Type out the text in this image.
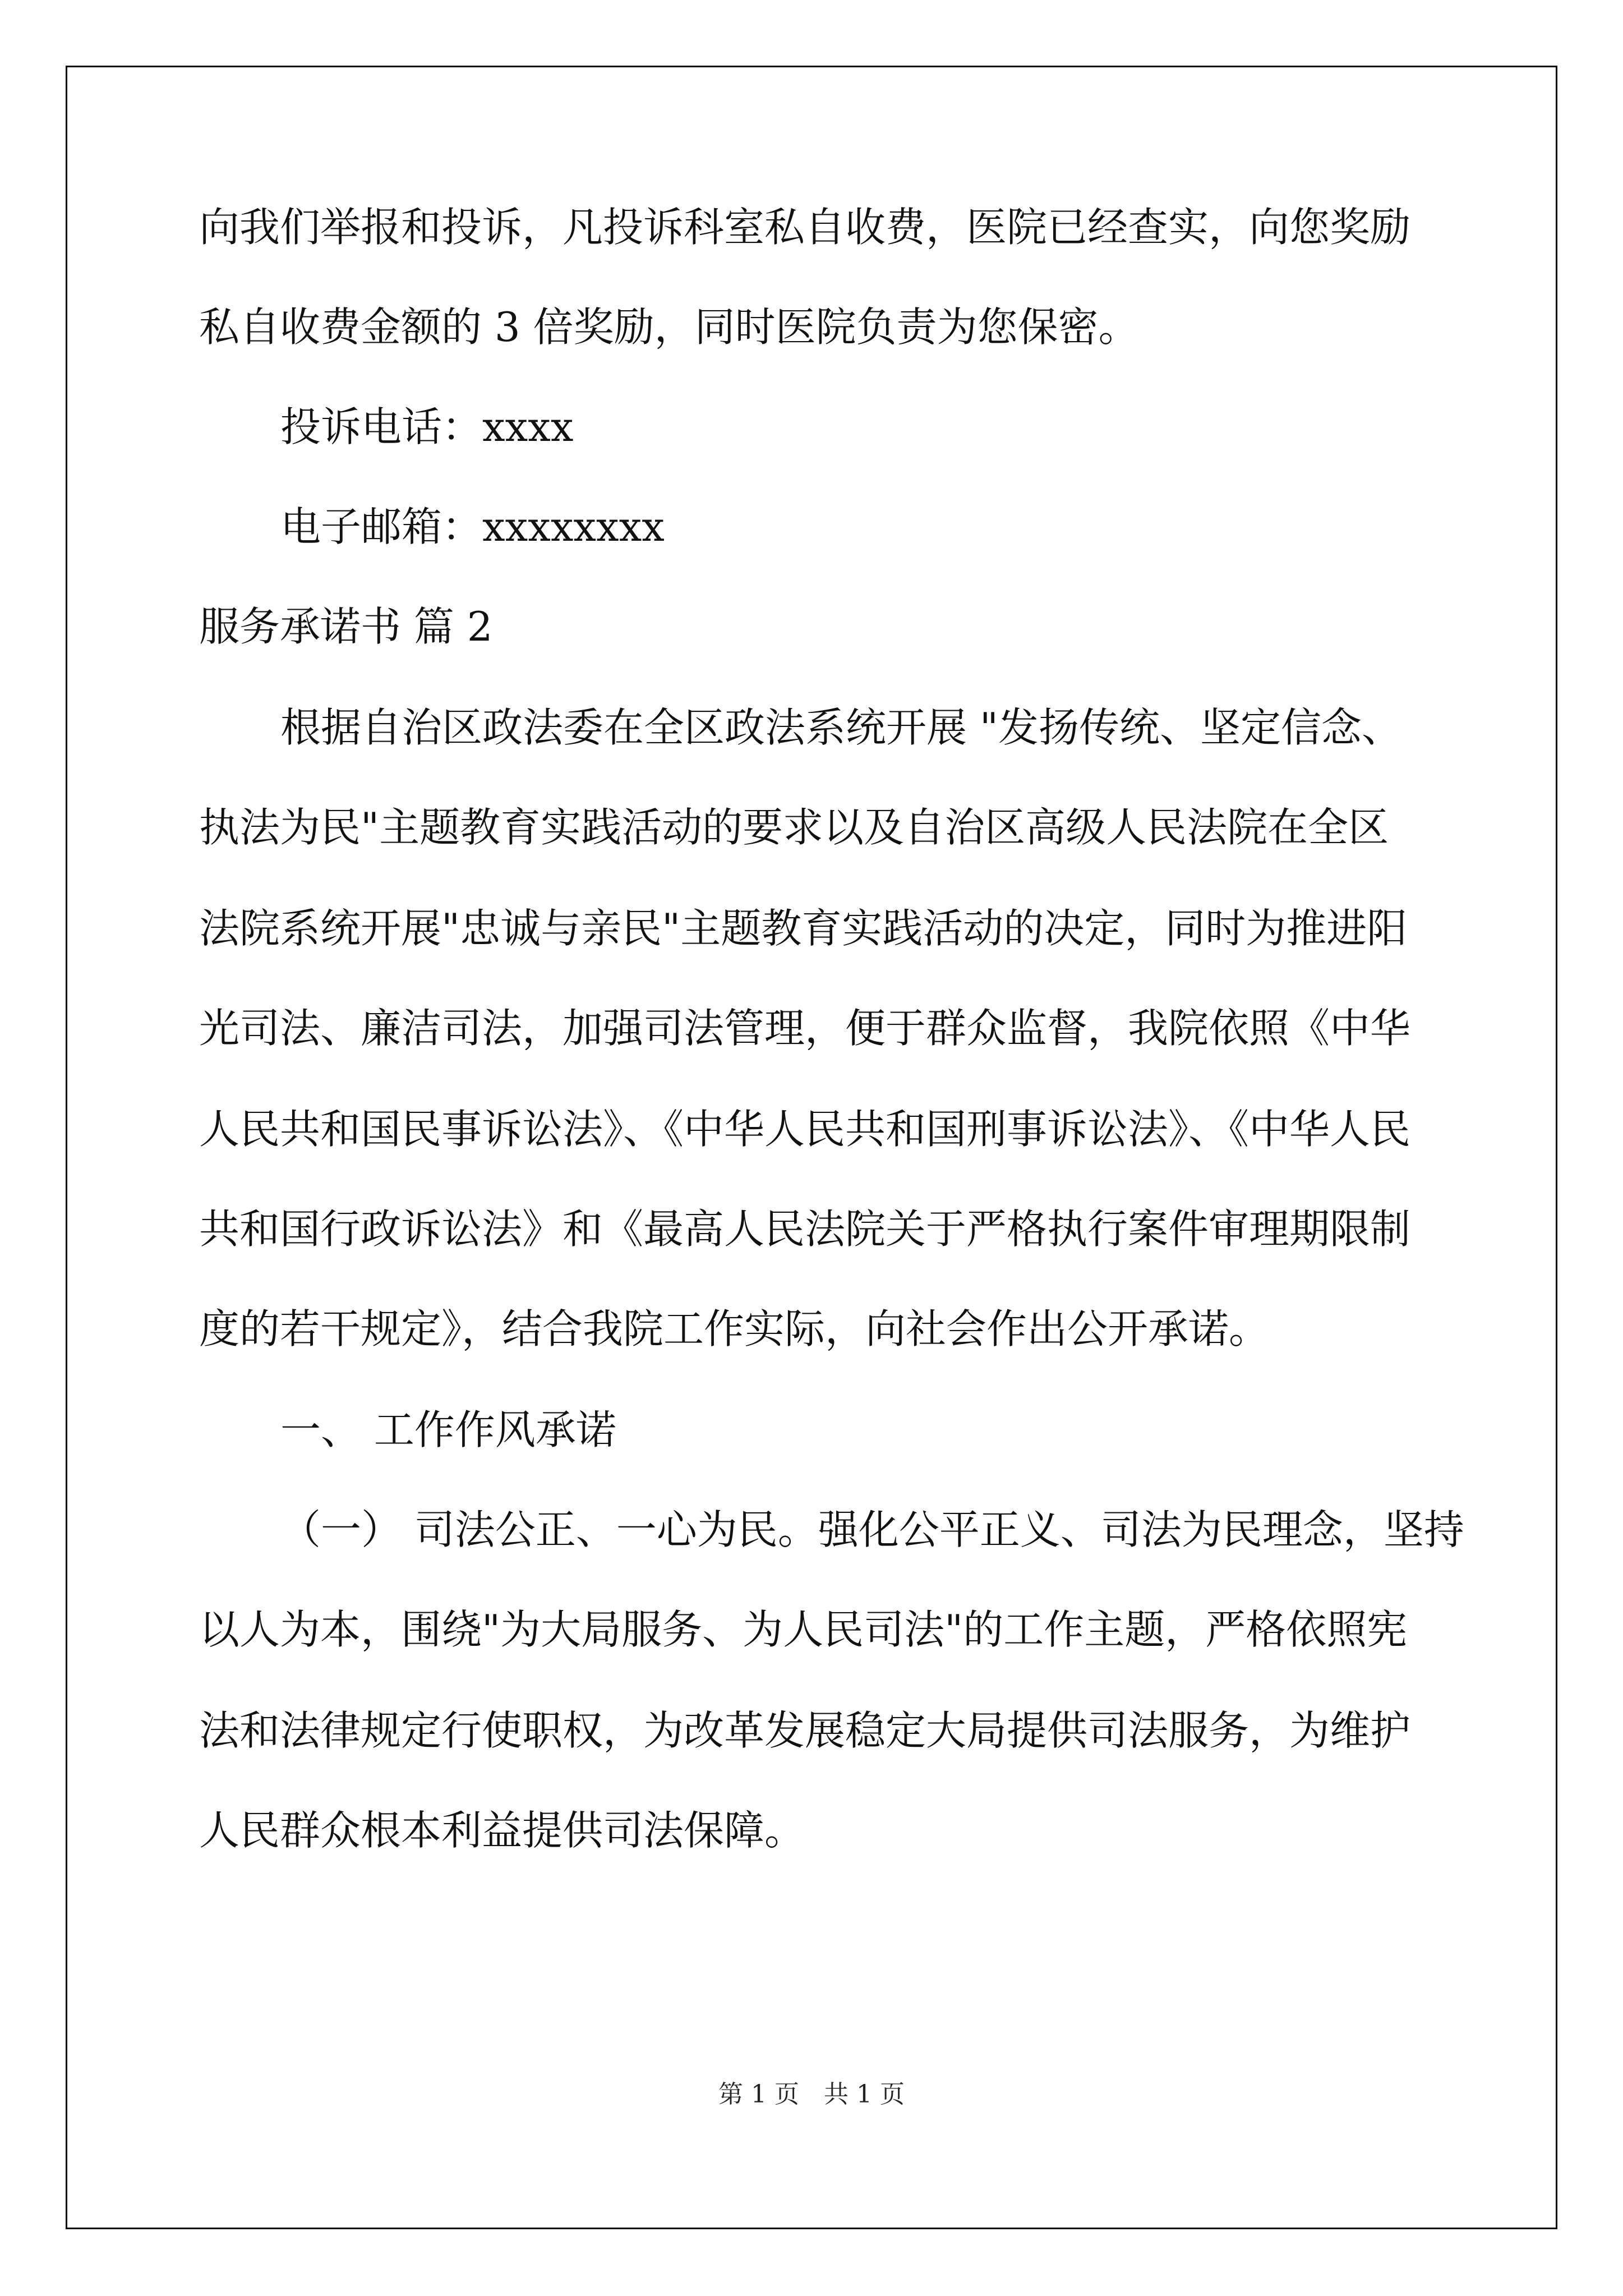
向我们举报和投诉，凡投诉科室私自收费，医院已经查实，向您奖励
私自收费金额的 3 倍奖励，同时医院负责为您保密。
投诉电话：xxxx
电子邮箱：xxxxxxxx
服务承诺书 篇 2
根据自治区政法委在全区政法系统开展 "发扬传统、坚定信念、
执法为民"主题教育实践活动的要求以及自治区高级人民法院在全区
法院系统开展"忠诚与亲民"主题教育实践活动的决定，同时为推进阳
光司法、廉洁司法，加强司法管理，便于群众监督，我院依照《中华
人民共和国民事诉讼法》、《中华人民共和国刑事诉讼法》、《中华人民
共和国行政诉讼法》和《最高人民法院关于严格执行案件审理期限制
度的若干规定》，结合我院工作实际，向社会作出公开承诺。
一、 工作作风承诺
（一） 司法公正、一心为民。强化公平正义、司法为民理念，坚持
以人为本，围绕"为大局服务、为人民司法"的工作主题，严格依照宪
法和法律规定行使职权，为改革发展稳定大局提供司法服务，为维护
人民群众根本利益提供司法保障。
第 1 页　共 1 页
